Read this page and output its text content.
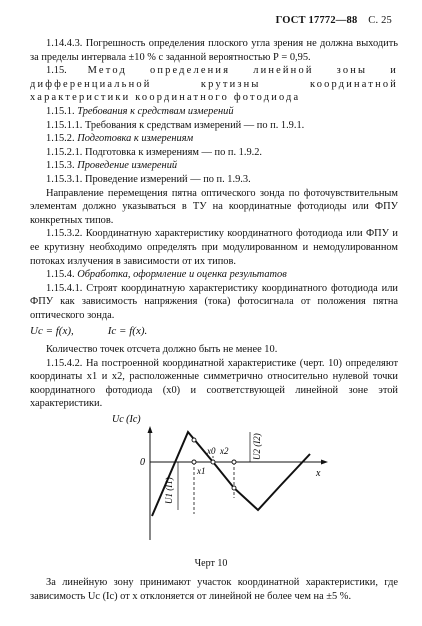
ГОСТ 17772—88 С. 25

1.14.4.3. Погрешность определения плоского угла зрения не должна выходить за пределы интервала ±10 % с заданной вероятностью Р = 0,95.

1.15. Метод определения линейной зоны и дифференциальной крутизны координатной характеристики координатного фотодиода

1.15.1. Требования к средствам измерений

1.15.1.1. Требования к средствам измерений — по п. 1.9.1.

1.15.2. Подготовка к измерениям

1.15.2.1. Подготовка к измерениям — по п. 1.9.2.

1.15.3. Проведение измерений

1.15.3.1. Проведение измерений — по п. 1.9.3.

Направление перемещения пятна оптического зонда по фоточувствительным элементам должно указываться в ТУ на координатные фотодиоды или ФПУ конкретных типов.

1.15.3.2. Координатную характеристику координатного фотодиода или ФПУ и ее крутизну необходимо определять при модулированном и немодулированном потоках излучения в зависимости от их типов.

1.15.4. Обработка, оформление и оценка результатов

1.15.4.1. Строят координатную характеристику координатного фотодиода или ФПУ как зависимость напряжения (тока) фотосигнала от положения пятна оптического зонда.

Uc = f(x),	Ic = f(x).

Количество точек отсчета должно быть не менее 10.

1.15.4.2. На построенной координатной характеристике (черт. 10) определяют координаты x1 и x2, расположенные симметрично относительно нулевой точки координатного фотодиода (x0) и соответствующей линейной зоне этой характеристики.

Uc (Ic)
0
x
x1
x0 x2
U1 (I1)
U2 (I2)
Черт 10

За линейную зону принимают участок координатной характеристики, где зависимость Uc (Ic) от x отклоняется от линейной не более чем на ±5 %.
